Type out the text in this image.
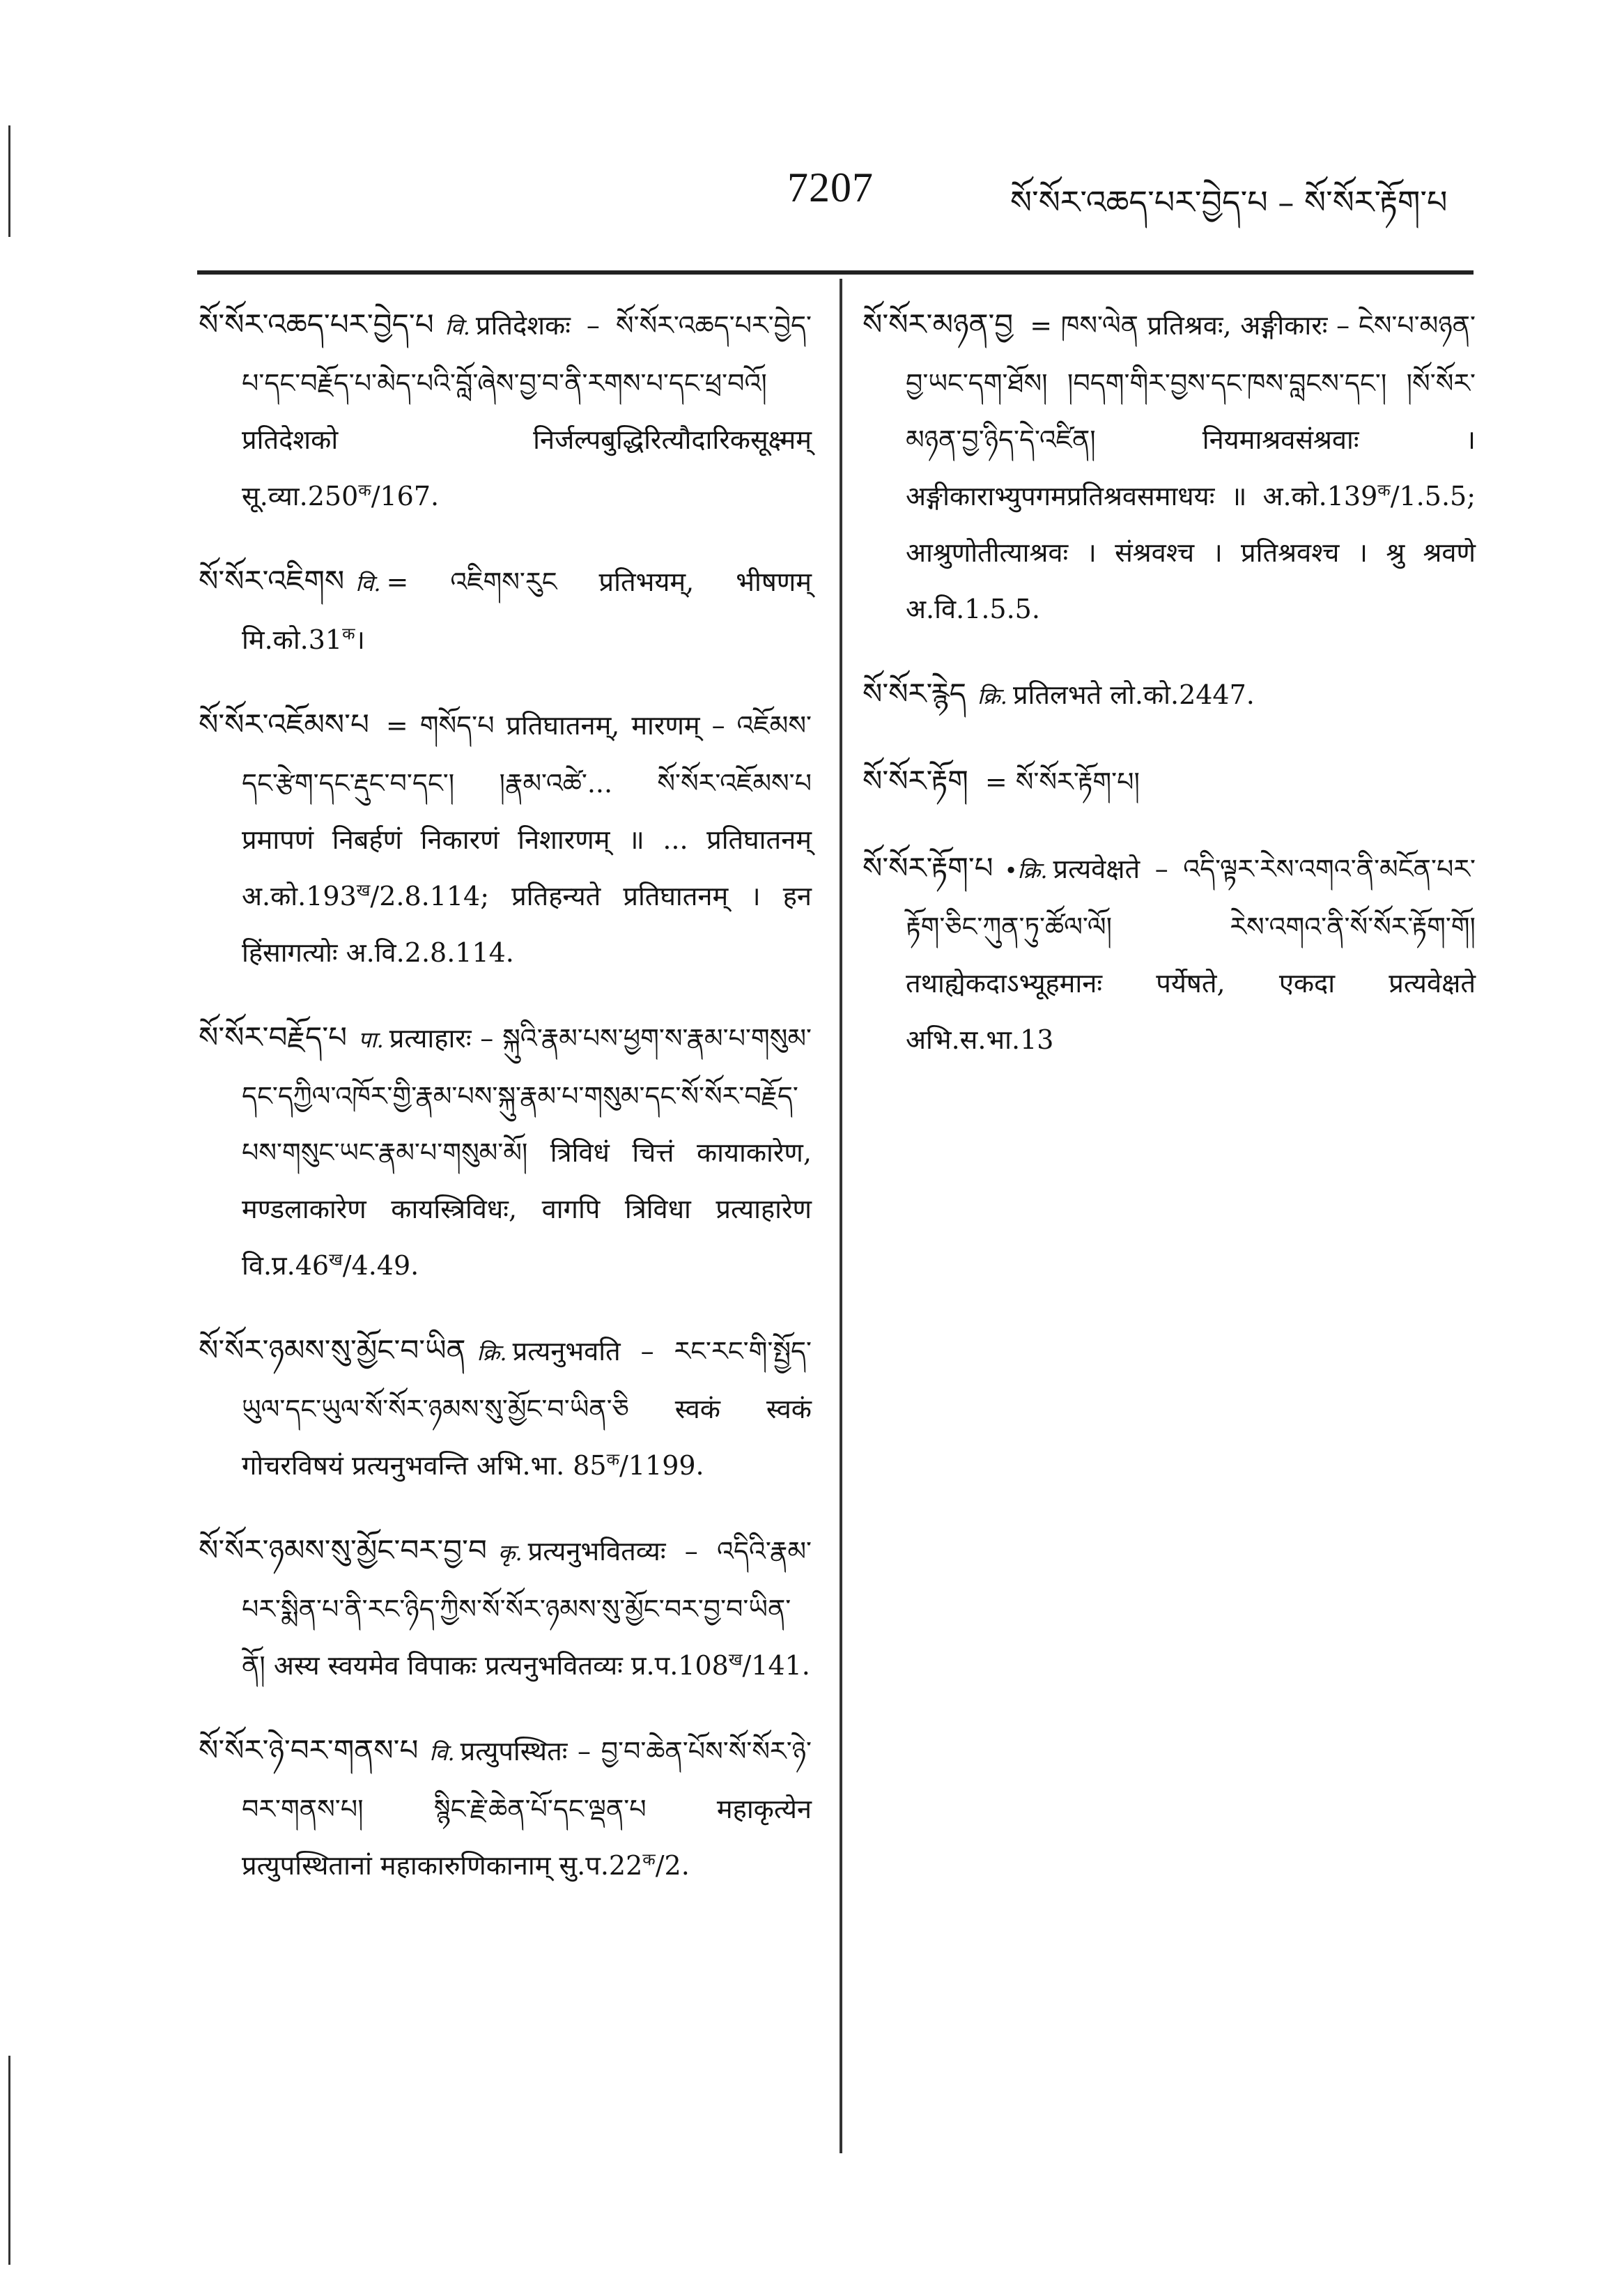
7207	སོ་སོར་འཆད་པར་བྱེད་པ – སོ་སོར་རྟོག་པ

སོ་སོར་འཆད་པར་བྱེད་པ वि. प्रतिदेशकः – སོ་སོར་འཆད་པར་བྱེད་པ་དང་བརྗོད་པ་མེད་པའི་བློ་ཞེས་བྱ་བ་ནི་རགས་པ་དང་ཕྲ་བའོ། प्रतिदेशको निर्जल्पबुद्धिरित्यौदारिकसूक्ष्मम् $सू.व्या.250^क/167$.

སོ་སོར་འཇིགས वि. = འཇིགས་རུང प्रतिभयम्, भीषणम् $मि.को.31^क।$

སོ་སོར་འཇོམས་པ = གསོད་པ प्रतिघातनम्, मारणम् – འཇོམས་དང་རྩེག་དང་རྡུང་བ་དང་། །རྣམ་འཚེ་... སོ་སོར་འཇོམས་པ प्रमापणं निबर्हणं निकारणं निशारणम् ॥ ... प्रतिघातनम् $अ.को.193^ख/2.8.114$; प्रतिहन्यते प्रतिघातनम् । हन हिंसागत्योः अ.वि.2.8.114.

སོ་སོར་བརྗོད་པ पा. प्रत्याहारः – སྐུའི་རྣམ་པས་ཕྱག་ས་རྣམ་པ་གསུམ་དང་དཀྱིལ་འཁོར་གྱི་རྣམ་པས་སྐུ་རྣམ་པ་གསུམ་དང་སོ་སོར་བརྗོད་པས་གསུང་ཡང་རྣམ་པ་གསུམ་མོ། त्रिविधं चित्तं कायाकारेण, मण्डलाकारेण कायस्त्रिविधः, वागपि त्रिविधा प्रत्याहारेण $वि.प्र.46^ख/4.49$.

སོ་སོར་ཉམས་སུ་མྱོང་བ་ཡིན क्रि. प्रत्यनुभवति – རང་རང་གི་སྤྱོད་ཡུལ་དང་ཡུལ་སོ་སོར་ཉམས་སུ་མྱོང་བ་ཡིན་ཅི स्वकं स्वकं गोचरविषयं प्रत्यनुभवन्ति अभि.भा. $85^क/1199$.

སོ་སོར་ཉམས་སུ་མྱོང་བར་བྱ་བ कृ. प्रत्यनुभवितव्यः – འདིའི་རྣམ་པར་སྨིན་པ་ནི་རང་ཉིད་ཀྱིས་སོ་སོར་ཉམས་སུ་མྱོང་བར་བྱ་བ་ཡིན་ནོ། अस्य स्वयमेव विपाकः प्रत्यनुभवितव्यः $प्र.प.108^ख/141$.

སོ་སོར་ཉེ་བར་གནས་པ वि. प्रत्युपस्थितः – བྱ་བ་ཆེན་པོས་སོ་སོར་ཉེ་བར་གནས་པ། སྙིང་རྗེ་ཆེན་པོ་དང་ལྡན་པ महाकृत्येन प्रत्युपस्थितानां महाकारुणिकानाम् $सु.प.22^क/2$.

སོ་སོར་མཉན་བྱ = ཁས་ལེན प्रतिश्रवः, अङ्गीकारः – ངེས་པ་མཉན་བྱ་ཡང་དག་ཐོས། །བདག་གིར་བྱས་དང་ཁས་བླངས་དང་། །སོ་སོར་མཉན་བྱ་ཉིད་དེ་འཛིན། नियमाश्रवसंश्रवाः । अङ्गीकाराभ्युपगमप्रतिश्रवसमाधयः ॥ $अ.को.139^क/1.5.5$; आश्रुणोतीत्याश्रवः । संश्रवश्च । प्रतिश्रवश्च । श्रु श्रवणे अ.वि.1.5.5.

སོ་སོར་རྙེད क्रि. प्रतिलभते लो.को.2447.

སོ་སོར་རྟོག = སོ་སོར་རྟོག་པ།

སོ་སོར་རྟོག་པ •क्रि. प्रत्यवेक्षते – འདི་ལྟར་རེས་འགའ་ནི་མངོན་པར་རྟོག་ཅིང་ཀུན་ཏུ་ཚོལ་ལོ། རེས་འགའ་ནི་སོ་སོར་རྟོག་གོ། तथाह्येकदाऽभ्यूहमानः पर्येषते, एकदा प्रत्यवेक्षते अभि.स.भा.13
